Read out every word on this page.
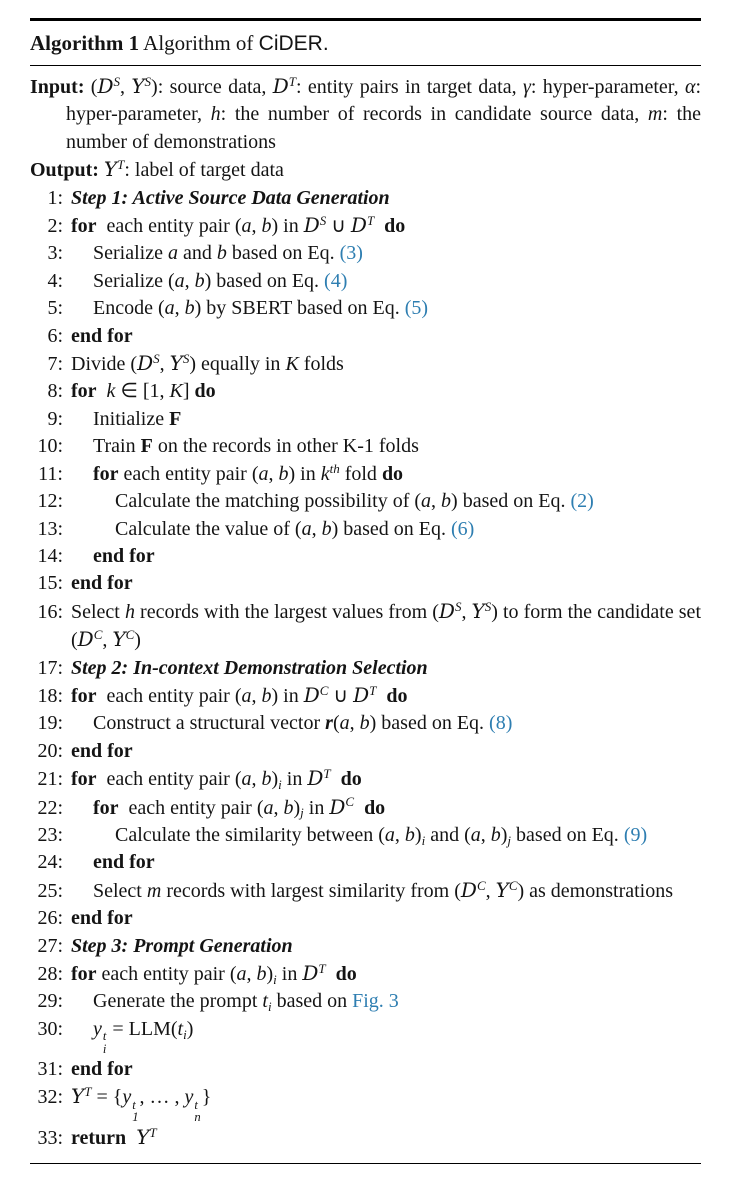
Algorithm 1 Algorithm of CiDER.
Input: ($D^S$, $Y^S$): source data, $D^T$: entity pairs in target data, γ: hyper-parameter, α: hyper-parameter, h: the number of records in candidate source data, m: the number of demonstrations
Output: $Y^T$: label of target data
1: Step 1: Active Source Data Generation
2: for  each entity pair (a, b) in $D^S$ ∪ $D^T$ do
3:	Serialize a and b based on Eq. (3)
4:	Serialize (a, b) based on Eq. (4)
5:	Encode (a, b) by SBERT based on Eq. (5)
6: end for
7: Divide ($D^S$, $Y^S$) equally in K folds
8: for k ∈ [1, K] do
9:	Initialize F
10:	Train F on the records in other K-1 folds
11:	for each entity pair (a, b) in $k^{th}$ fold do
12:	Calculate the matching possibility of (a, b) based on Eq. (2)
13:	Calculate the value of (a, b) based on Eq. (6)
14:	end for
15: end for
16: Select h records with the largest values from ($D^S$, $Y^S$) to form the candidate set ($D^C$, $Y^C$)
17: Step 2: In-context Demonstration Selection
18: for  each entity pair (a, b) in $D^C$ ∪ $D^T$ do
19:	Construct a structural vector r(a, b) based on Eq. (8)
20: end for
21: for  each entity pair (a, b)i in $D^T$ do
22:	for  each entity pair (a, b)j in $D^C$ do
23:	Calculate the similarity between (a, b)i and (a, b)j based on Eq. (9)
24:	end for
25:	Select m records with largest similarity from ($D^C$, $Y^C$) as demonstrations
26: end for
27: Step 3: Prompt Generation
28: for each entity pair (a, b)i in $D^T$ do
29:	Generate the prompt ti based on Fig. 3
30:	y t
i
= LLM(ti)
31: end for
32: $Y^T = \{y$ t
1
, … , y t
n
}
33: return $Y^T$
